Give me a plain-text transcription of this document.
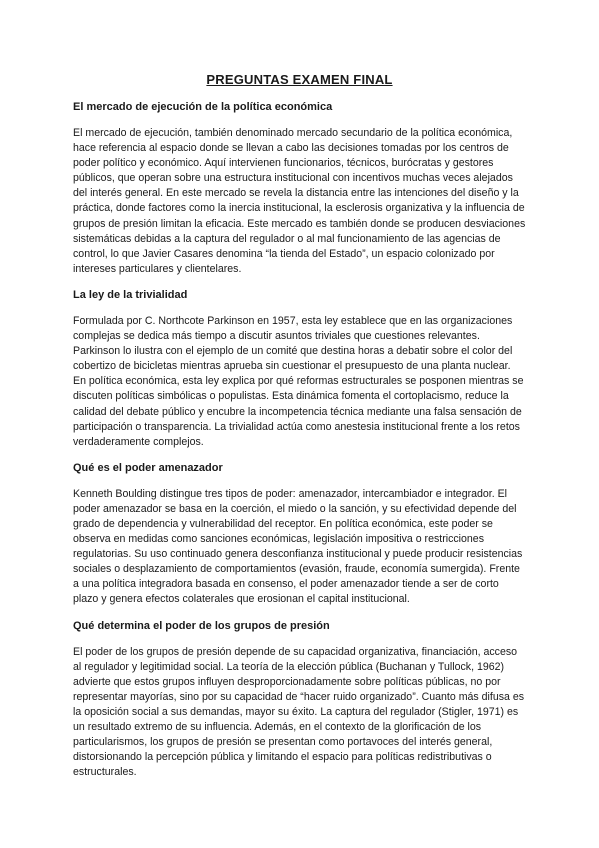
PREGUNTAS EXAMEN FINAL
El mercado de ejecución de la política económica

El mercado de ejecución, también denominado mercado secundario de la política económica, hace referencia al espacio donde se llevan a cabo las decisiones tomadas por los centros de poder político y económico. Aquí intervienen funcionarios, técnicos, burócratas y gestores públicos, que operan sobre una estructura institucional con incentivos muchas veces alejados del interés general. En este mercado se revela la distancia entre las intenciones del diseño y la práctica, donde factores como la inercia institucional, la esclerosis organizativa y la influencia de grupos de presión limitan la eficacia. Este mercado es también donde se producen desviaciones sistemáticas debidas a la captura del regulador o al mal funcionamiento de las agencias de control, lo que Javier Casares denomina “la tienda del Estado”, un espacio colonizado por intereses particulares y clientelares.

La ley de la trivialidad

Formulada por C. Northcote Parkinson en 1957, esta ley establece que en las organizaciones complejas se dedica más tiempo a discutir asuntos triviales que cuestiones relevantes. Parkinson lo ilustra con el ejemplo de un comité que destina horas a debatir sobre el color del cobertizo de bicicletas mientras aprueba sin cuestionar el presupuesto de una planta nuclear. En política económica, esta ley explica por qué reformas estructurales se posponen mientras se discuten políticas simbólicas o populistas. Esta dinámica fomenta el cortoplacismo, reduce la calidad del debate público y encubre la incompetencia técnica mediante una falsa sensación de participación o transparencia. La trivialidad actúa como anestesia institucional frente a los retos verdaderamente complejos.

Qué es el poder amenazador

Kenneth Boulding distingue tres tipos de poder: amenazador, intercambiador e integrador. El poder amenazador se basa en la coerción, el miedo o la sanción, y su efectividad depende del grado de dependencia y vulnerabilidad del receptor. En política económica, este poder se observa en medidas como sanciones económicas, legislación impositiva o restricciones regulatorias. Su uso continuado genera desconfianza institucional y puede producir resistencias sociales o desplazamiento de comportamientos (evasión, fraude, economía sumergida). Frente a una política integradora basada en consenso, el poder amenazador tiende a ser de corto plazo y genera efectos colaterales que erosionan el capital institucional.

Qué determina el poder de los grupos de presión

El poder de los grupos de presión depende de su capacidad organizativa, financiación, acceso al regulador y legitimidad social. La teoría de la elección pública (Buchanan y Tullock, 1962) advierte que estos grupos influyen desproporcionadamente sobre políticas públicas, no por representar mayorías, sino por su capacidad de “hacer ruido organizado”. Cuanto más difusa es la oposición social a sus demandas, mayor su éxito. La captura del regulador (Stigler, 1971) es un resultado extremo de su influencia. Además, en el contexto de la glorificación de los particularismos, los grupos de presión se presentan como portavoces del interés general, distorsionando la percepción pública y limitando el espacio para políticas redistributivas o estructurales.
